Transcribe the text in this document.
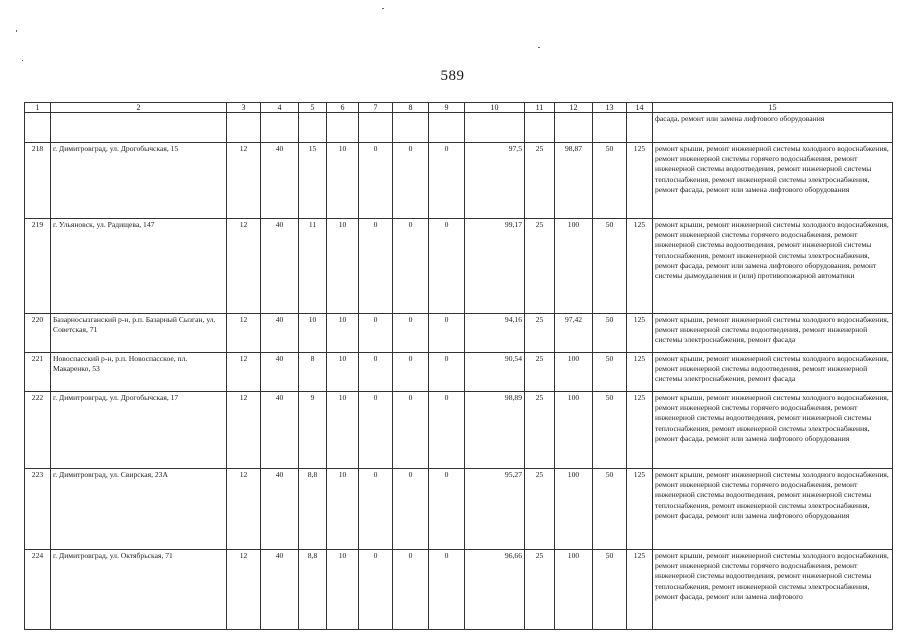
589
1	2	3	4	5	6	7	8	9	10	11	12	13	14	15
														фасада, ремонт или замена лифтового оборудования
218	г. Димитровград, ул. Дрогобычская, 15	12	40	15	10	0	0	0	97,5	25	98,87	50	125	ремонт крыши, ремонт инженерной системы холодного водоснабжения, ремонт инженерной системы горячего водоснабжения, ремонт инженерной системы водоотведения, ремонт инженерной системы теплоснабжения, ремонт инженерной системы электроснабжения, ремонт фасада, ремонт или замена лифтового оборудования
219	г. Ульяновск, ул. Радищева, 147	12	40	11	10	0	0	0	99,17	25	100	50	125	ремонт крыши, ремонт инженерной системы холодного водоснабжения, ремонт инженерной системы горячего водоснабжения, ремонт инженерной системы водоотведения, ремонт инженерной системы теплоснабжения, ремонт инженерной системы электроснабжения, ремонт фасада, ремонт или замена лифтового оборудования, ремонт системы дымоудаления и (или) противопожарной автоматики
220	Базарносызганский р-н, р.п. Базарный Сызган, ул. Советская, 71	12	40	10	10	0	0	0	94,16	25	97,42	50	125	ремонт крыши, ремонт инженерной системы холодного водоснабжения, ремонт инженерной системы водоотведения, ремонт инженерной системы электроснабжения, ремонт фасада
221	Новоспасский р-н, р.п. Новоспасское, пл. Макаренко, 53	12	40	8	10	0	0	0	90,54	25	100	50	125	ремонт крыши, ремонт инженерной системы холодного водоснабжения, ремонт инженерной системы водоотведения, ремонт инженерной системы электроснабжения, ремонт фасада
222	г. Димитровград, ул. Дрогобычская, 17	12	40	9	10	0	0	0	98,89	25	100	50	125	ремонт крыши, ремонт инженерной системы холодного водоснабжения, ремонт инженерной системы горячего водоснабжения, ремонт инженерной системы водоотведения, ремонт инженерной системы теплоснабжения, ремонт инженерной системы электроснабжения, ремонт фасада, ремонт или замена лифтового оборудования
223	г. Димитровград, ул. Свирская, 23А	12	40	8,8	10	0	0	0	95,27	25	100	50	125	ремонт крыши, ремонт инженерной системы холодного водоснабжения, ремонт инженерной системы горячего водоснабжения, ремонт инженерной системы водоотведения, ремонт инженерной системы теплоснабжения, ремонт инженерной системы электроснабжения, ремонт фасада, ремонт или замена лифтового оборудования
224	г. Димитровград, ул. Октябрьская, 71	12	40	8,8	10	0	0	0	96,66	25	100	50	125	ремонт крыши, ремонт инженерной системы холодного водоснабжения, ремонт инженерной системы горячего водоснабжения, ремонт инженерной системы водоотведения, ремонт инженерной системы теплоснабжения, ремонт инженерной системы электроснабжения, ремонт фасада, ремонт или замена лифтового
